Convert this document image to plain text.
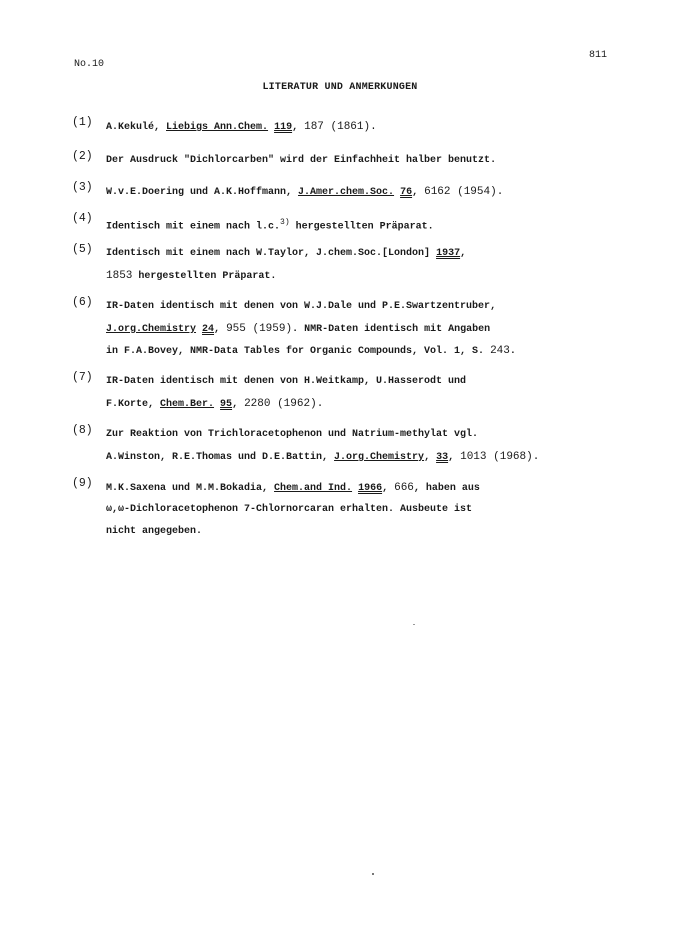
No.10
811
LITERATUR UND ANMERKUNGEN
(1) A.Kekulé, Liebigs Ann.Chem. 119, 187 (1861).
(2) Der Ausdruck "Dichlorcarben" wird der Einfachheit halber benutzt.
(3) W.v.E.Doering und A.K.Hoffmann, J.Amer.chem.Soc. 76, 6162 (1954).
(4)
Identisch mit einem nach l.c.$^{3)}$ hergestellten Präparat.
(5) Identisch mit einem nach W.Taylor, J.chem.Soc.[London] 1937,
1853 hergestellten Präparat.
(6) IR-Daten identisch mit denen von W.J.Dale und P.E.Swartzentruber,
J.org.Chemistry 24, 955 (1959). NMR-Daten identisch mit Angaben
in F.A.Bovey, NMR-Data Tables for Organic Compounds, Vol. 1, S. 243.
(7) IR-Daten identisch mit denen von H.Weitkamp, U.Hasserodt und
F.Korte, Chem.Ber. 95, 2280 (1962).
(8) Zur Reaktion von Trichloracetophenon und Natrium-methylat vgl.
A.Winston, R.E.Thomas und D.E.Battin, J.org.Chemistry, 33, 1013 (1968).
(9) M.K.Saxena und M.M.Bokadia, Chem.and Ind. 1966, 666, haben aus
ω,ω-Dichloracetophenon 7-Chlornorcaran erhalten. Ausbeute ist
nicht angegeben.
